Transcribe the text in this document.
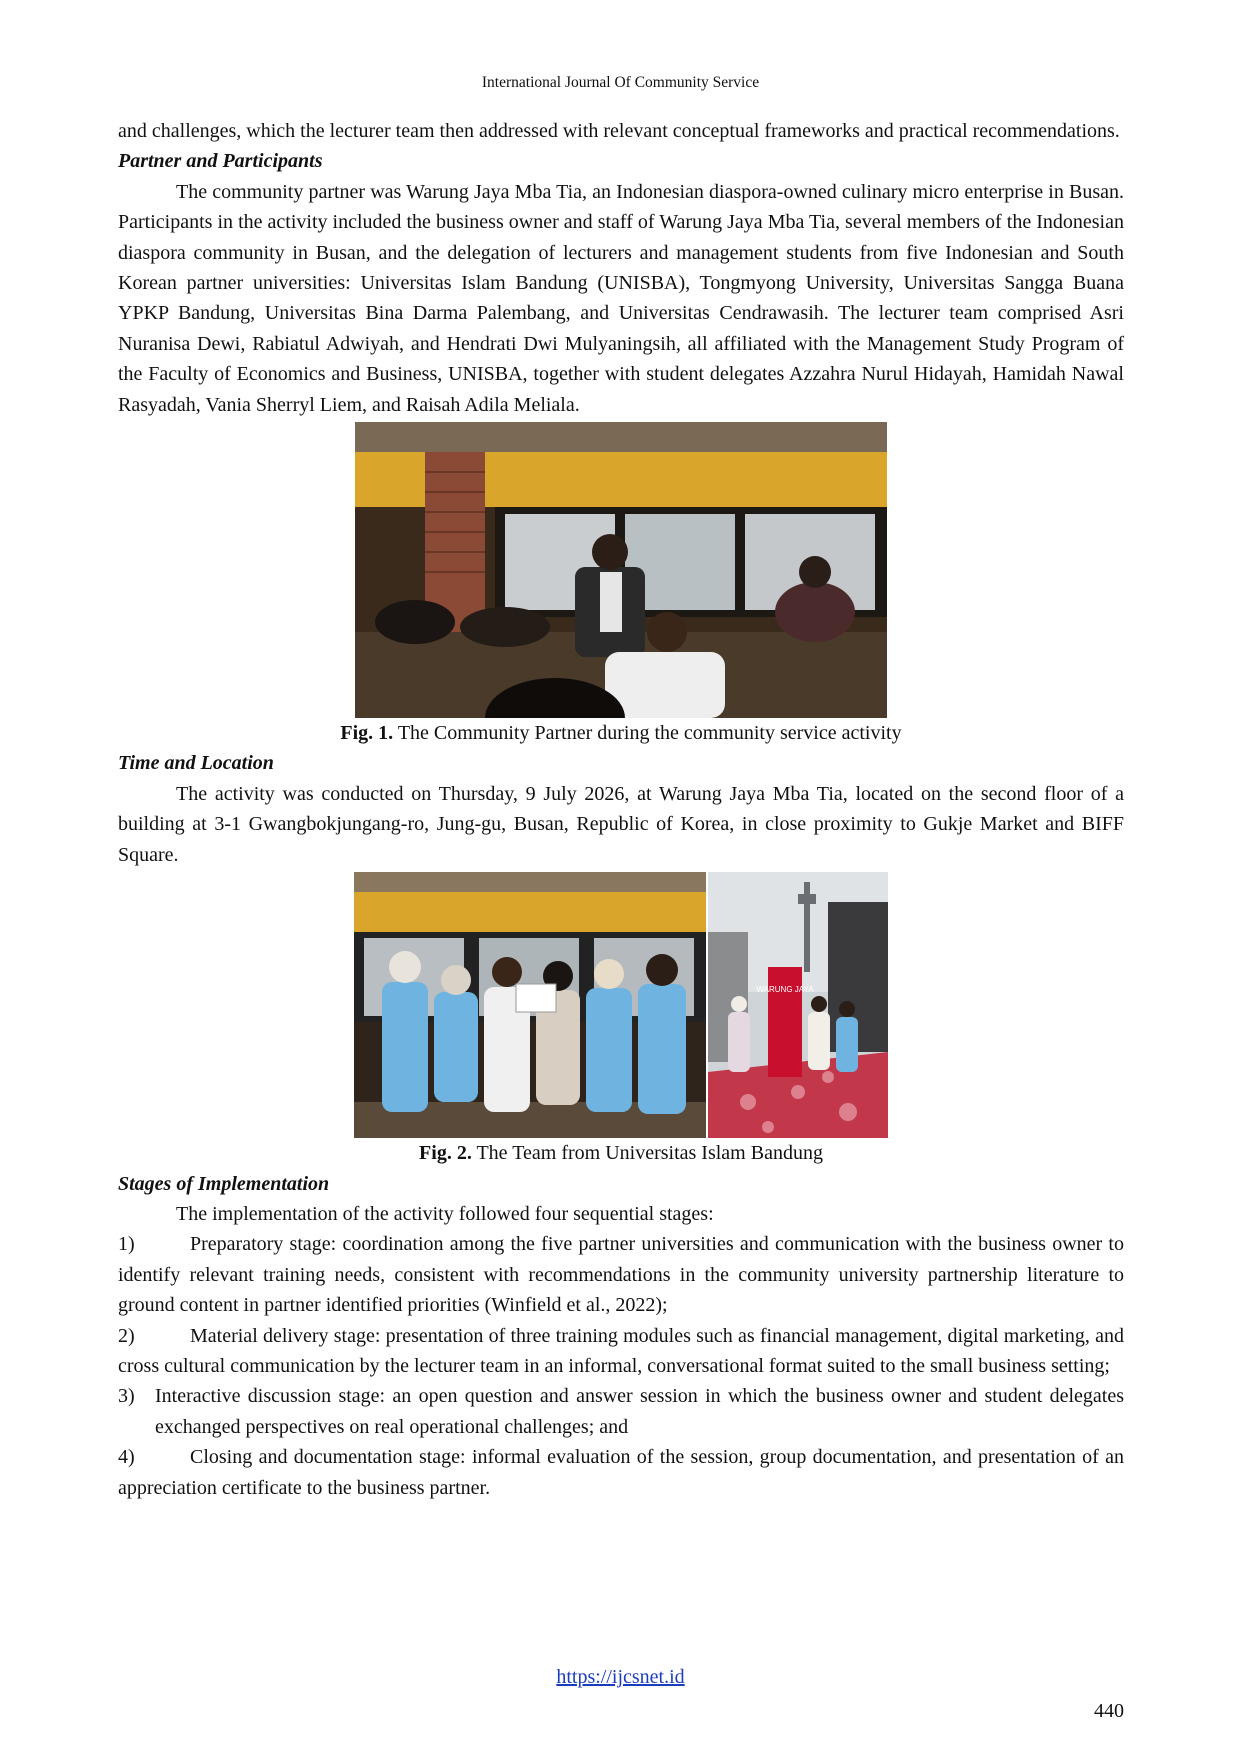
International Journal Of Community Service

and challenges, which the lecturer team then addressed with relevant conceptual frameworks and practical recommendations.

Partner and Participants

The community partner was Warung Jaya Mba Tia, an Indonesian diaspora-owned culinary micro enterprise in Busan. Participants in the activity included the business owner and staff of Warung Jaya Mba Tia, several members of the Indonesian diaspora community in Busan, and the delegation of lecturers and management students from five Indonesian and South Korean partner universities: Universitas Islam Bandung (UNISBA), Tongmyong University, Universitas Sangga Buana YPKP Bandung, Universitas Bina Darma Palembang, and Universitas Cendrawasih. The lecturer team comprised Asri Nuranisa Dewi, Rabiatul Adwiyah, and Hendrati Dwi Mulyaningsih, all affiliated with the Management Study Program of the Faculty of Economics and Business, UNISBA, together with student delegates Azzahra Nurul Hidayah, Hamidah Nawal Rasyadah, Vania Sherryl Liem, and Raisah Adila Meliala.

Fig. 1. The Community Partner during the community service activity

Time and Location

The activity was conducted on Thursday, 9 July 2026, at Warung Jaya Mba Tia, located on the second floor of a building at 3-1 Gwangbokjungang-ro, Jung-gu, Busan, Republic of Korea, in close proximity to Gukje Market and BIFF Square.

WARUNG JAYA

Fig. 2. The Team from Universitas Islam Bandung

Stages of Implementation

The implementation of the activity followed four sequential stages:

1)	Preparatory stage: coordination among the five partner universities and communication with the business owner to identify relevant training needs, consistent with recommendations in the community university partnership literature to ground content in partner identified priorities (Winfield et al., 2022);

2)	Material delivery stage: presentation of three training modules such as financial management, digital marketing, and cross cultural communication by the lecturer team in an informal, conversational format suited to the small business setting;

3) Interactive discussion stage: an open question and answer session in which the business owner and student delegates exchanged perspectives on real operational challenges; and

4)	Closing and documentation stage: informal evaluation of the session, group documentation, and presentation of an appreciation certificate to the business partner.

https://ijcsnet.id
440
